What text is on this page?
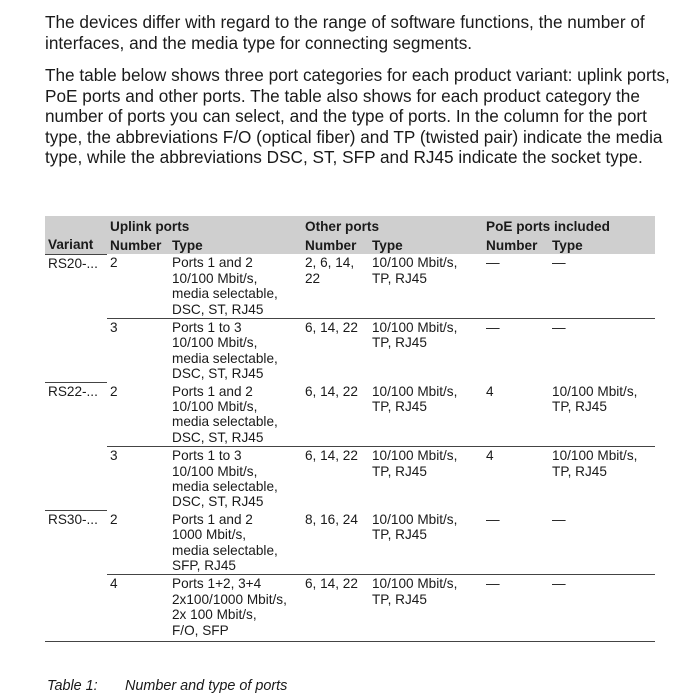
The devices differ with regard to the range of software functions, the number of interfaces, and the media type for connecting segments.

The table below shows three port categories for each product variant: uplink ports, PoE ports and other ports. The table also shows for each product category the number of ports you can select, and the type of ports. In the column for the port type, the abbreviations F/O (optical fiber) and TP (twisted pair) indicate the media type, while the abbreviations DSC, ST, SFP and RJ45 indicate the socket type.

	Uplink ports		Other ports		PoE ports included	
Variant	Number	Type	Number	Type	Number	Type
RS20-...	2	Ports 1 and 2
10/100 Mbit/s,
media selectable,
DSC, ST, RJ45	2, 6, 14,
22	10/100 Mbit/s,
TP, RJ45	—	—

	3	Ports 1 to 3
10/100 Mbit/s,
media selectable,
DSC, ST, RJ45	6, 14, 22	10/100 Mbit/s,
TP, RJ45	—	—

RS22-...	2	Ports 1 and 2
10/100 Mbit/s,
media selectable,
DSC, ST, RJ45	6, 14, 22	10/100 Mbit/s,
TP, RJ45	4	10/100 Mbit/s,
TP, RJ45

	3	Ports 1 to 3
10/100 Mbit/s,
media selectable,
DSC, ST, RJ45	6, 14, 22	10/100 Mbit/s,
TP, RJ45	4	10/100 Mbit/s,
TP, RJ45

RS30-...	2	Ports 1 and 2
1000 Mbit/s,
media selectable,
SFP, RJ45	8, 16, 24	10/100 Mbit/s,
TP, RJ45	—	—

	4	Ports 1+2, 3+4
2x100/1000 Mbit/s,
2x 100 Mbit/s,
F/O, SFP	6, 14, 22	10/100 Mbit/s,
TP, RJ45	—	—
Table 1: Number and type of ports
